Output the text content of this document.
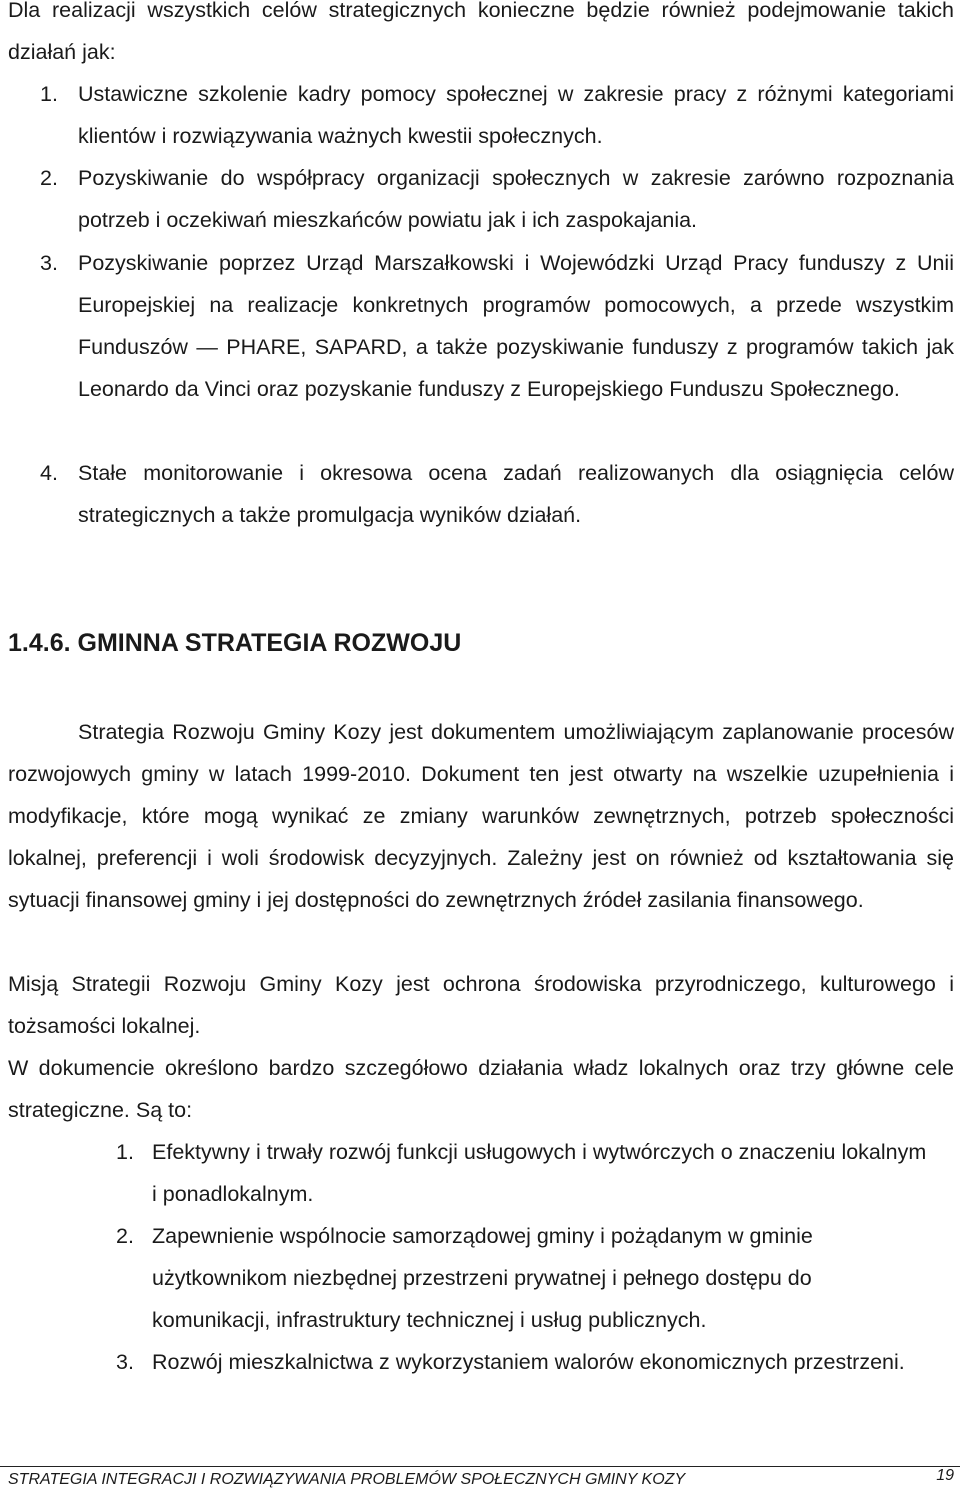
Dla realizacji wszystkich celów strategicznych konieczne będzie również podejmowanie takich działań jak:

1. Ustawiczne szkolenie kadry pomocy społecznej w zakresie pracy z różnymi kategoriami klientów i rozwiązywania ważnych kwestii społecznych.
2. Pozyskiwanie do współpracy organizacji społecznych w zakresie zarówno rozpoznania potrzeb i oczekiwań mieszkańców powiatu jak i ich zaspokajania.
3. Pozyskiwanie poprzez Urząd Marszałkowski i Wojewódzki Urząd Pracy funduszy z Unii Europejskiej na realizacje konkretnych programów pomocowych, a przede wszystkim Funduszów — PHARE, SAPARD, a także pozyskiwanie funduszy z programów takich jak Leonardo da Vinci oraz pozyskanie funduszy z Europejskiego Funduszu Społecznego.
4. Stałe monitorowanie i okresowa ocena zadań realizowanych dla osiągnięcia celów strategicznych a także promulgacja wyników działań.
1.4.6. GMINNA STRATEGIA ROZWOJU

Strategia Rozwoju Gminy Kozy jest dokumentem umożliwiającym zaplanowanie procesów rozwojowych gminy w latach 1999-2010. Dokument ten jest otwarty na wszelkie uzupełnienia i modyfikacje, które mogą wynikać ze zmiany warunków zewnętrznych, potrzeb społeczności lokalnej, preferencji i woli środowisk decyzyjnych. Zależny jest on również od kształtowania się sytuacji finansowej gminy i jej dostępności do zewnętrznych źródeł zasilania finansowego.

Misją Strategii Rozwoju Gminy Kozy jest ochrona środowiska przyrodniczego, kulturowego i tożsamości lokalnej.

W dokumencie określono bardzo szczegółowo działania władz lokalnych oraz trzy główne cele strategiczne. Są to:

1. Efektywny i trwały rozwój funkcji usługowych i wytwórczych o znaczeniu lokalnym i ponadlokalnym.
2. Zapewnienie wspólnocie samorządowej gminy i pożądanym w gminie użytkownikom niezbędnej przestrzeni prywatnej i pełnego dostępu do komunikacji, infrastruktury technicznej i usług publicznych.
3. Rozwój mieszkalnictwa z wykorzystaniem walorów ekonomicznych przestrzeni.
STRATEGIA INTEGRACJI I ROZWIĄZYWANIA PROBLEMÓW SPOŁECZNYCH GMINY KOZY	19
